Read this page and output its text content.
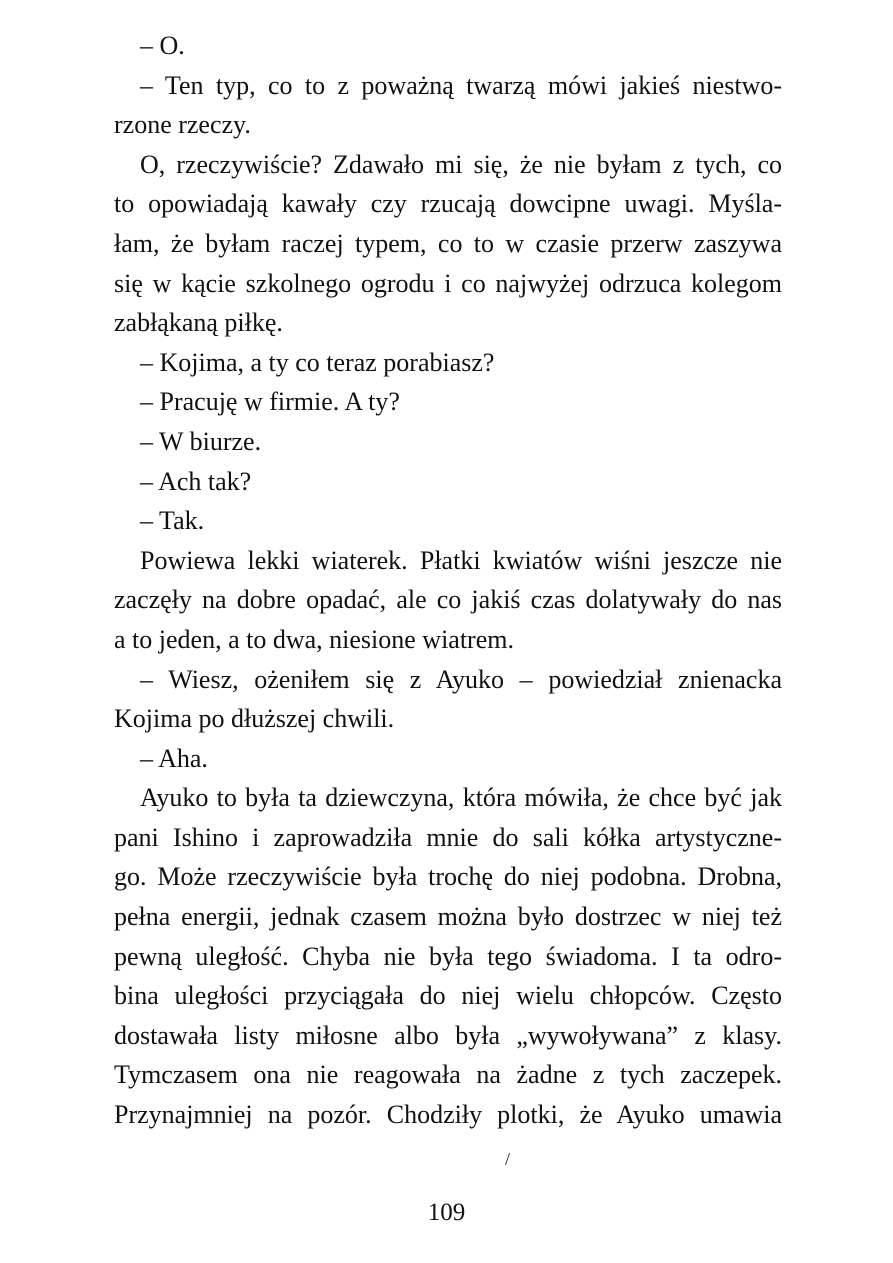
– O.
– Ten typ, co to z poważną twarzą mówi jakieś niestwo-
rzone rzeczy.
O, rzeczywiście? Zdawało mi się, że nie byłam z tych, co
to opowiadają kawały czy rzucają dowcipne uwagi. Myśla-
łam, że byłam raczej typem, co to w czasie przerw zaszywa
się w kącie szkolnego ogrodu i co najwyżej odrzuca kolegom
zabłąkaną piłkę.
– Kojima, a ty co teraz porabiasz?
– Pracuję w firmie. A ty?
– W biurze.
– Ach tak?
– Tak.
Powiewa lekki wiaterek. Płatki kwiatów wiśni jeszcze nie
zaczęły na dobre opadać, ale co jakiś czas dolatywały do nas
a to jeden, a to dwa, niesione wiatrem.
– Wiesz, ożeniłem się z Ayuko – powiedział znienacka
Kojima po dłuższej chwili.
– Aha.
Ayuko to była ta dziewczyna, która mówiła, że chce być jak
pani Ishino i zaprowadziła mnie do sali kółka artystyczne-
go. Może rzeczywiście była trochę do niej podobna. Drobna,
pełna energii, jednak czasem można było dostrzec w niej też
pewną uległość. Chyba nie była tego świadoma. I ta odro-
bina uległości przyciągała do niej wielu chłopców. Często
dostawała listy miłosne albo była „wywoływana” z klasy.
Tymczasem ona nie reagowała na żadne z tych zaczepek.
Przynajmniej na pozór. Chodziły plotki, że Ayuko umawia
/
109
